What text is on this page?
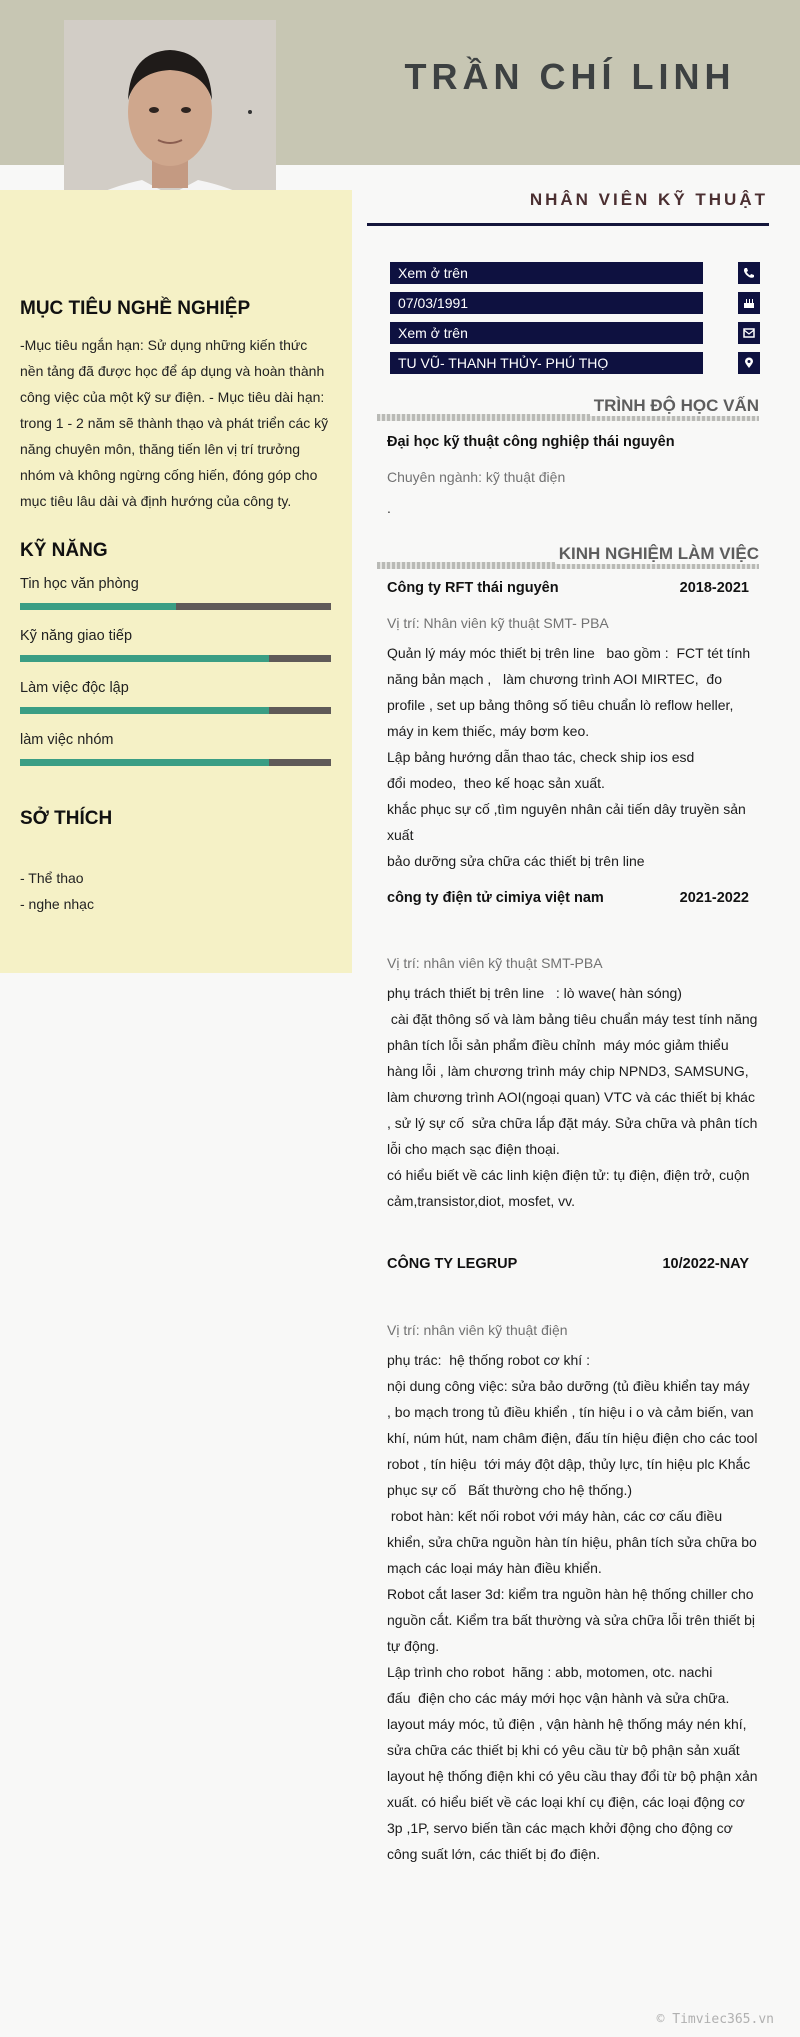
TRẦN CHÍ LINH
MỤC TIÊU NGHỀ NGHIỆP
-Mục tiêu ngắn hạn: Sử dụng những kiến thức nền tảng đã được học để áp dụng và hoàn thành công việc của một kỹ sư điện. - Mục tiêu dài hạn: trong 1 - 2 năm sẽ thành thạo và phát triển các kỹ năng chuyên môn, thăng tiến lên vị trí trưởng nhóm và không ngừng cống hiến, đóng góp cho mục tiêu lâu dài và định hướng của công ty.
KỸ NĂNG
Tin học văn phòng
Kỹ năng giao tiếp
Làm việc độc lập
làm việc nhóm
SỞ THÍCH
- Thể thao
- nghe nhạc
NHÂN VIÊN KỸ THUẬT
Xem ở trên
07/03/1991
Xem ở trên
TU VŨ- THANH THỦY- PHÚ THỌ
TRÌNH ĐỘ HỌC VẤN
Đại học kỹ thuật công nghiệp thái nguyên
Chuyên ngành: kỹ thuật điện
.
KINH NGHIỆM LÀM VIỆC
Công ty RFT thái nguyên	2018-2021
Vị trí: Nhân viên kỹ thuật SMT- PBA
Quản lý máy móc thiết bị trên line   bao gồm :  FCT tét tính năng bản mạch ,   làm chương trình AOI MIRTEC,  đo profile , set up bảng thông số tiêu chuẩn lò reflow heller, máy in kem thiếc, máy bơm keo.
Lập bảng hướng dẫn thao tác, check ship ios esd
đổi modeo,  theo kế hoạc sản xuất.
khắc phục sự cố ,tìm nguyên nhân cải tiến dây truyền sản xuất
bảo dưỡng sửa chữa các thiết bị trên line
công ty điện tử cimiya việt nam	2021-2022
Vị trí: nhân viên kỹ thuật SMT-PBA
phụ trách thiết bị trên line   : lò wave( hàn sóng)
cài đặt thông số và làm bảng tiêu chuẩn máy test tính năng phân tích lỗi sản phẩm điều chỉnh  máy móc giảm thiểu hàng lỗi , làm chương trình máy chip NPND3, SAMSUNG,    làm chương trình AOI(ngoại quan) VTC và các thiết bị khác , sử lý sự cố  sửa chữa lắp đặt máy. Sửa chữa và phân tích lỗi cho mạch sạc điện thoại.
có hiểu biết về các linh kiện điện tử: tụ điện, điện trở, cuộn cảm,transistor,diot, mosfet, vv.
CÔNG TY LEGRUP	10/2022-NAY
Vị trí: nhân viên kỹ thuật điện
phụ trác:  hệ thống robot cơ khí :
nội dung công việc: sửa bảo dưỡng (tủ điều khiển tay máy  , bo mạch trong tủ điều khiển , tín hiệu i o và cảm biến, van khí, núm hút, nam châm điện, đấu tín hiệu điện cho các tool robot , tín hiệu  tới máy đột dập, thủy lực, tín hiệu plc Khắc phục sự cố   Bất thường cho hệ thống.)
robot hàn: kết nối robot với máy hàn, các cơ cấu điều khiển, sửa chữa nguồn hàn tín hiệu, phân tích sửa chữa bo mạch các loại máy hàn điều khiển.
Robot cắt laser 3d: kiểm tra nguồn hàn hệ thống chiller cho nguồn cắt. Kiểm tra bất thường và sửa chữa lỗi trên thiết bị tự động.
Lập trình cho robot  hãng : abb, motomen, otc. nachi
đấu  điện cho các máy mới học vận hành và sửa chữa.
layout máy móc, tủ điện , vận hành hệ thống máy nén khí, sửa chữa các thiết bị khi có yêu cầu từ bộ phận sản xuất
layout hệ thống điện khi có yêu cầu thay đổi từ bộ phận xản xuất. có hiểu biết về các loại khí cụ điện, các loại động cơ 3p ,1P, servo biến tần các mạch khởi động cho động cơ công suất lớn, các thiết bị đo điện.
© Timviec365.vn
